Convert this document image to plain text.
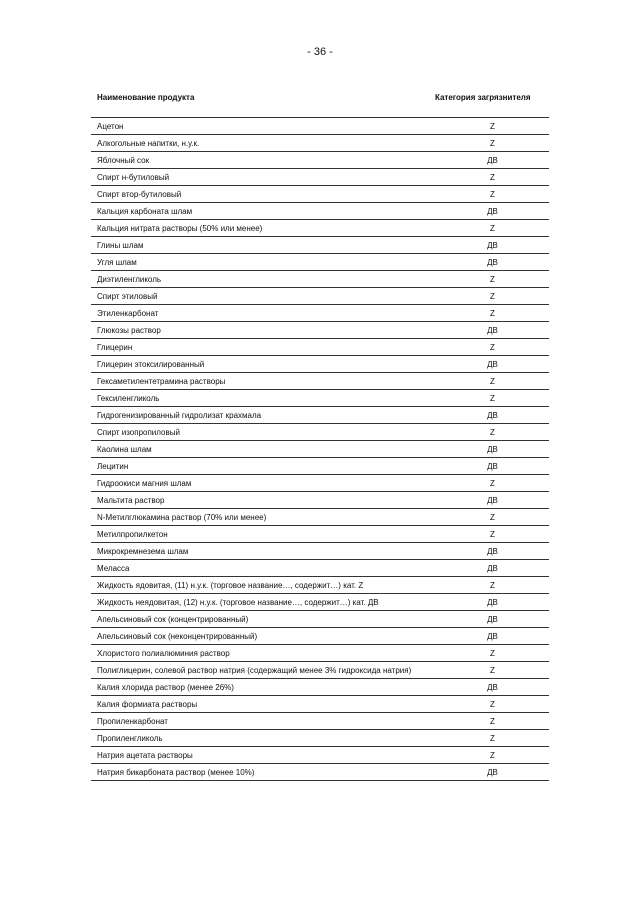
- 36 -
Наименование продукта	Категория загрязнителя
Ацетон	Z
Алкогольные напитки, н.у.к.	Z
Яблочный сок	ДВ
Спирт н-бутиловый	Z
Спирт втор-бутиловый	Z
Кальция карбоната шлам	ДВ
Кальция нитрата растворы (50% или менее)	Z
Глины шлам	ДВ
Угля шлам	ДВ
Диэтиленгликоль	Z
Спирт этиловый	Z
Этиленкарбонат	Z
Глюкозы раствор	ДВ
Глицерин	Z
Глицерин этоксилированный	ДВ
Гексаметилентетрамина растворы	Z
Гексиленгликоль	Z
Гидрогенизированный гидролизат крахмала	ДВ
Спирт изопропиловый	Z
Каолина шлам	ДВ
Лецитин	ДВ
Гидроокиси магния шлам	Z
Мальтита раствор	ДВ
N-Метилглюкамина раствор (70% или менее)	Z
Метилпропилкетон	Z
Микрокремнезема шлам	ДВ
Меласса	ДВ
Жидкость ядовитая, (11) н.у.к. (торговое название…, содержит…) кат. Z	Z
Жидкость неядовитая, (12) н.у.к. (торговое название…, содержит…) кат. ДВ	ДВ
Апельсиновый сок (концентрированный)	ДВ
Апельсиновый сок (неконцентрированный)	ДВ
Хлористого полиалюминия раствор	Z
Полиглицерин, солевой раствор натрия (содержащий менее 3% гидроксида натрия)	Z
Калия хлорида раствор (менее 26%)	ДВ
Калия формиата растворы	Z
Пропиленкарбонат	Z
Пропиленгликоль	Z
Натрия ацетата растворы	Z
Натрия бикарбоната раствор (менее 10%)	ДВ
